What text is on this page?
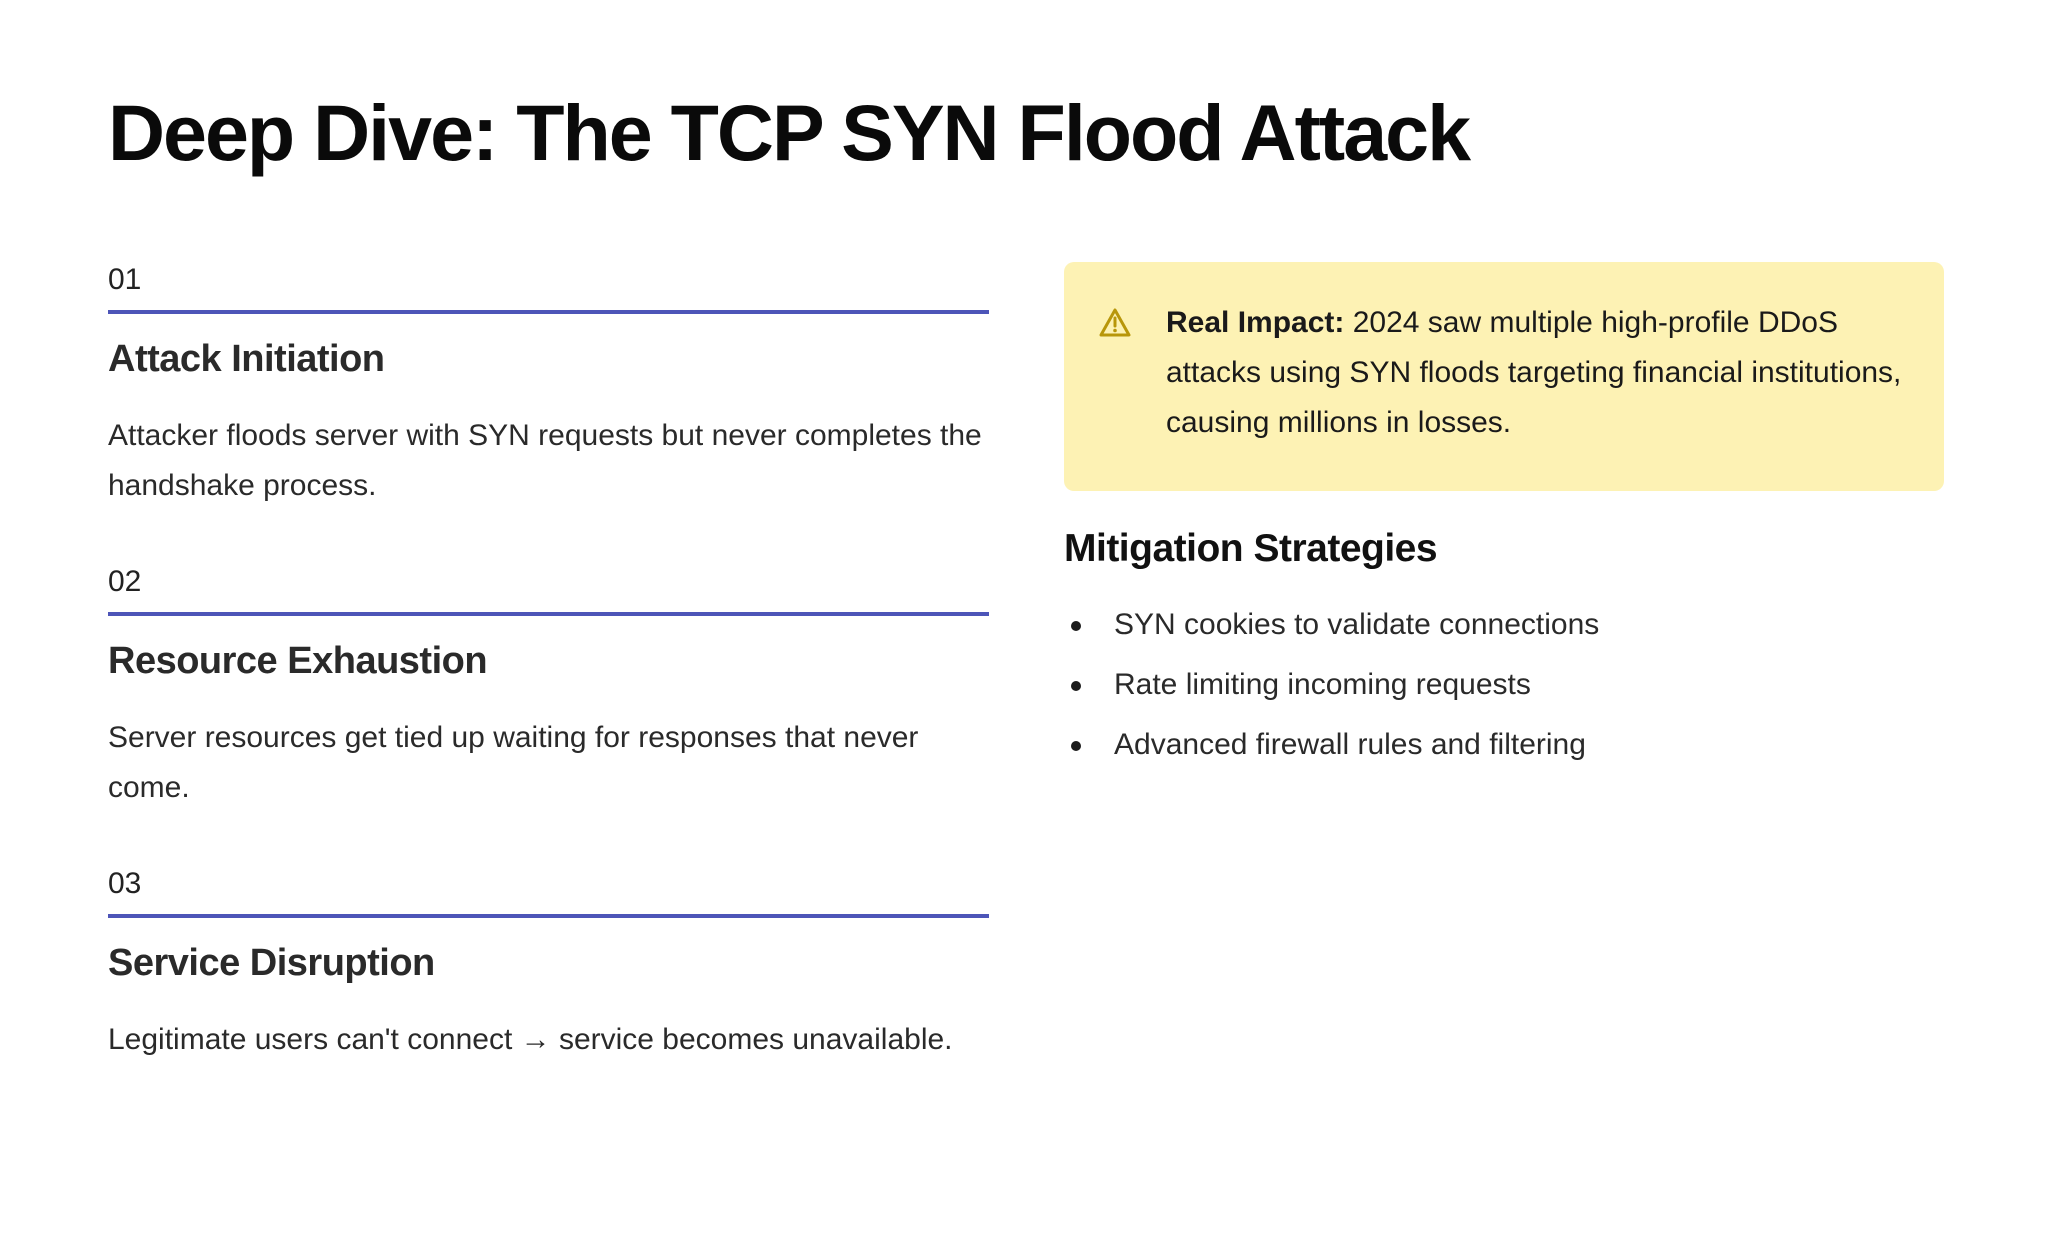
Deep Dive: The TCP SYN Flood Attack
01
Attack Initiation

Attacker floods server with SYN requests but never completes the handshake process.

02
Resource Exhaustion

Server resources get tied up waiting for responses that never come.

03
Service Disruption

Legitimate users can't connect → service becomes unavailable.

Real Impact: 2024 saw multiple high-profile DDoS attacks using SYN floods targeting financial institutions, causing millions in losses.
Mitigation Strategies
SYN cookies to validate connections
Rate limiting incoming requests
Advanced firewall rules and filtering
